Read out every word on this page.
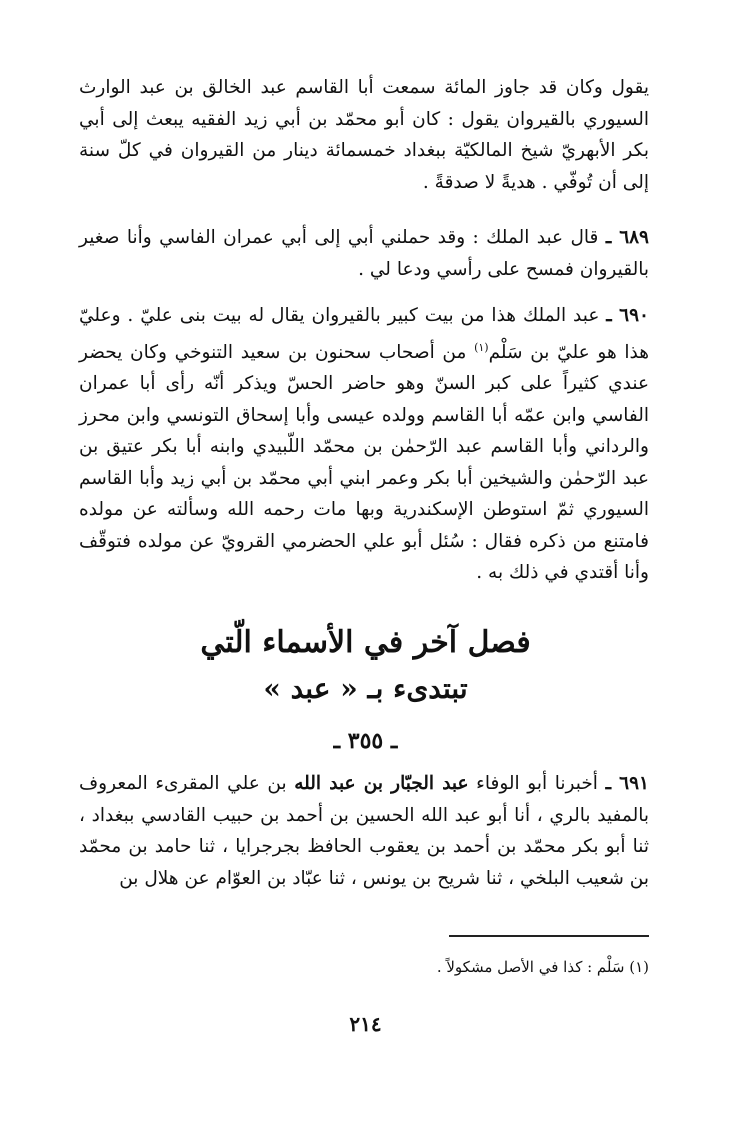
يقول وكان قد جاوز المائة سمعت أبا القاسم عبد الخالق بن عبد الوارث السيوري بالقيروان يقول : كان أبو محمّد بن أبي زيد الفقيه يبعث إلى أبي بكر الأبهريّ شيخ المالكيّة ببغداد خمسمائة دينار من القيروان في كلّ سنة إلى أن تُوفّي . هديةً لا صدقةً .

٦٨٩ ـ قال عبد الملك : وقد حملني أبي إلى أبي عمران الفاسي وأنا صغير بالقيروان فمسح على رأسي ودعا لي .

٦٩٠ ـ عبد الملك هذا من بيت كبير بالقيروان يقال له بيت بنى عليّ . وعليّ هذا هو عليّ بن سَلْم$^{(١)}$ من أصحاب سحنون بن سعيد التنوخي وكان يحضر عندي كثيراً على كبر السنّ وهو حاضر الحسّ ويذكر أنّه رأى أبا عمران الفاسي وابن عمّه أبا القاسم وولده عيسى وأبا إسحاق التونسي وابن محرز والرداني وأبا القاسم عبد الرّحمٰن بن محمّد اللّبيدي وابنه أبا بكر عتيق بن عبد الرّحمٰن والشيخين أبا بكر وعمر ابني أبي محمّد بن أبي زيد وأبا القاسم السيوري ثمّ استوطن الإسكندرية وبها مات رحمه الله وسألته عن مولده فامتنع من ذكره فقال : سُئل أبو علي الحضرمي القرويّ عن مولده فتوقّف وأنا أقتدي في ذلك به .

فصل آخر في الأسماء الّتي
تبتدىء بـ « عبد »
ـ ٣٥٥ ـ

٦٩١ ـ أخبرنا أبو الوفاء عبد الجبّار بن عبد الله بن علي المقرىء المعروف بالمفيد بالري ، أنا أبو عبد الله الحسين بن أحمد بن حبيب القادسي ببغداد ، ثنا أبو بكر محمّد بن أحمد بن يعقوب الحافظ بجرجرايا ، ثنا حامد بن محمّد بن شعيب البلخي ، ثنا شريح بن يونس ، ثنا عبّاد بن العوّام عن هلال بن

(١) سَلْم : كذا في الأصل مشكولاً .
٢١٤
